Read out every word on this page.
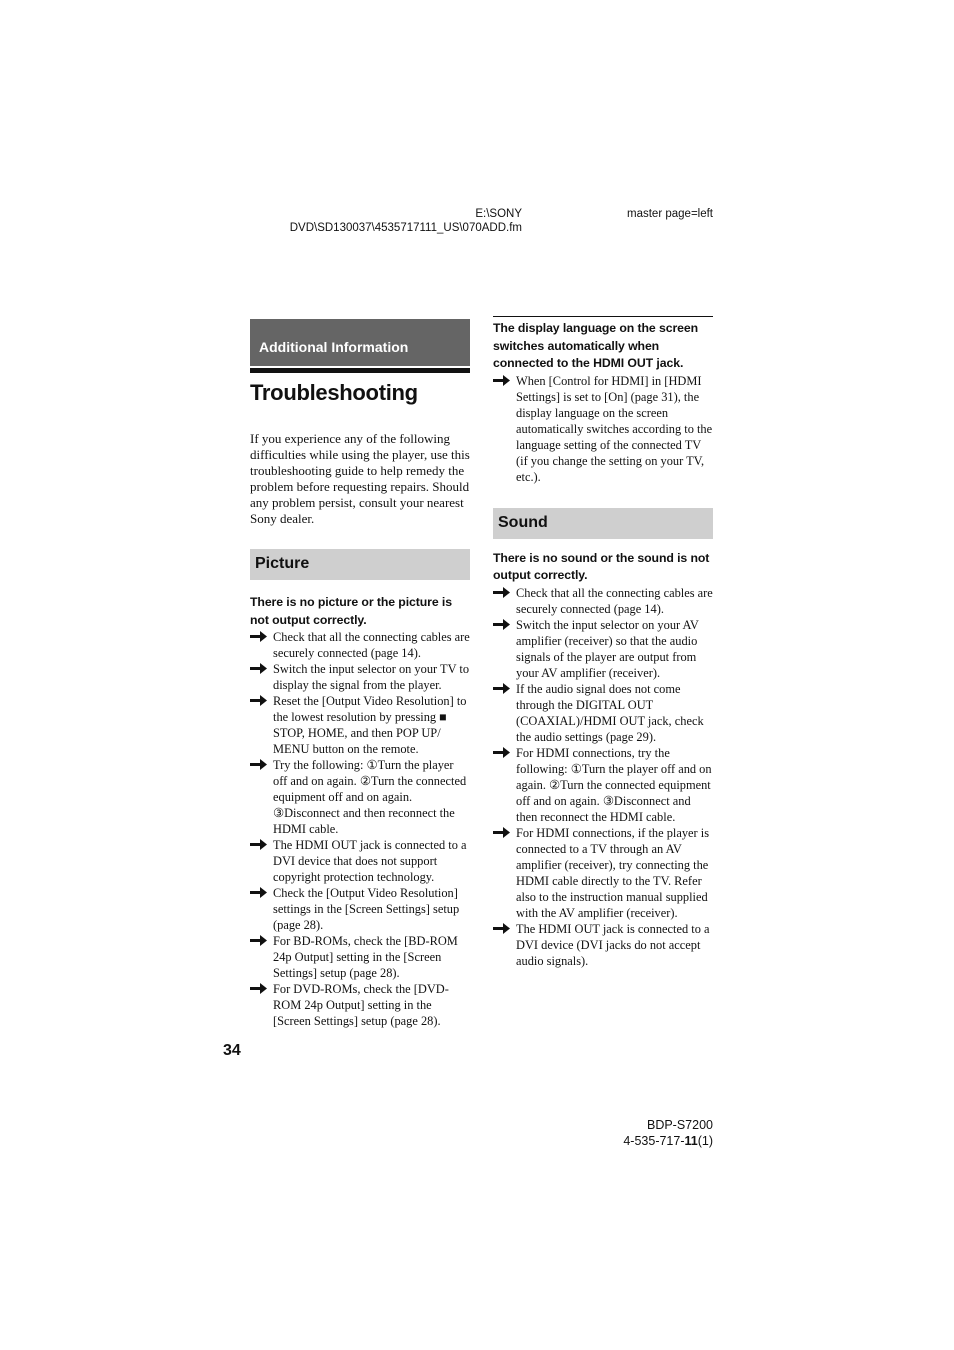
E:\SONY
DVD\SD130037\4535717111_US\070ADD.fm
master page=left
Additional Information
Troubleshooting

If you experience any of the following difficulties while using the player, use this troubleshooting guide to help remedy the problem before requesting repairs. Should any problem persist, consult your nearest Sony dealer.

Picture
There is no picture or the picture is not output correctly.
Check that all the connecting cables are securely connected (page 14).
Switch the input selector on your TV to display the signal from the player.
Reset the [Output Video Resolution] to the lowest resolution by pressing ■ STOP, HOME, and then POP UP/ MENU button on the remote.
Try the following: ①Turn the player off and on again. ②Turn the connected equipment off and on again. ③Disconnect and then reconnect the HDMI cable.
The HDMI OUT jack is connected to a DVI device that does not support copyright protection technology.
Check the [Output Video Resolution] settings in the [Screen Settings] setup (page 28).
For BD-ROMs, check the [BD-ROM 24p Output] setting in the [Screen Settings] setup (page 28).
For DVD-ROMs, check the [DVD-ROM 24p Output] setting in the [Screen Settings] setup (page 28).
The display language on the screen switches automatically when connected to the HDMI OUT jack.
When [Control for HDMI] in [HDMI Settings] is set to [On] (page 31), the display language on the screen automatically switches according to the language setting of the connected TV (if you change the setting on your TV, etc.).
Sound
There is no sound or the sound is not output correctly.
Check that all the connecting cables are securely connected (page 14).
Switch the input selector on your AV amplifier (receiver) so that the audio signals of the player are output from your AV amplifier (receiver).
If the audio signal does not come through the DIGITAL OUT (COAXIAL)/HDMI OUT jack, check the audio settings (page 29).
For HDMI connections, try the following: ①Turn the player off and on again. ②Turn the connected equipment off and on again. ③Disconnect and then reconnect the HDMI cable.
For HDMI connections, if the player is connected to a TV through an AV amplifier (receiver), try connecting the HDMI cable directly to the TV. Refer also to the instruction manual supplied with the AV amplifier (receiver).
The HDMI OUT jack is connected to a DVI device (DVI jacks do not accept audio signals).
34
BDP-S7200
4-535-717-11(1)
